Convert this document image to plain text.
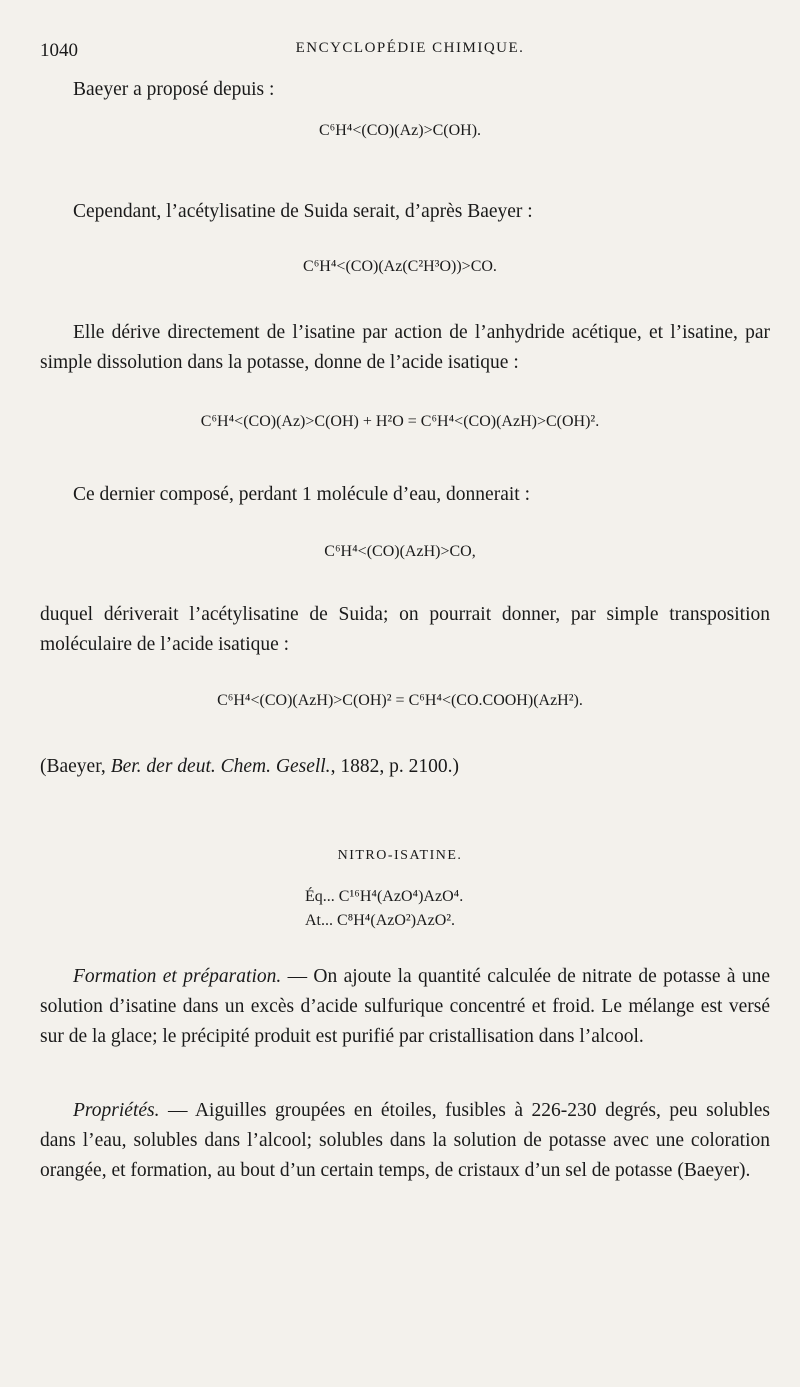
1040	ENCYCLOPÉDIE CHIMIQUE.
Baeyer a proposé depuis :
C⁶H⁴<(CO)(Az)>C(OH).
Cependant, l’acétylisatine de Suida serait, d’après Baeyer :
C⁶H⁴<(CO)(Az(C²H³O))>CO.
Elle dérive directement de l’isatine par action de l’anhydride acétique, et l’isatine, par simple dissolution dans la potasse, donne de l’acide isatique :
C⁶H⁴<(CO)(Az)>C(OH) + H²O = C⁶H⁴<(CO)(AzH)>C(OH)².
Ce dernier composé, perdant 1 molécule d’eau, donnerait :
C⁶H⁴<(CO)(AzH)>CO,
duquel dériverait l’acétylisatine de Suida; on pourrait donner, par simple transposition moléculaire de l’acide isatique :
C⁶H⁴<(CO)(AzH)>C(OH)² = C⁶H⁴<(CO.COOH)(AzH²).
(Baeyer, Ber. der deut. Chem. Gesell., 1882, p. 2100.)
NITRO-ISATINE.
Éq... C¹⁶H⁴(AzO⁴)AzO⁴.
At... C⁸H⁴(AzO²)AzO².
Formation et préparation. — On ajoute la quantité calculée de nitrate de potasse à une solution d’isatine dans un excès d’acide sulfurique concentré et froid. Le mélange est versé sur de la glace; le précipité produit est purifié par cristallisation dans l’alcool.
Propriétés. — Aiguilles groupées en étoiles, fusibles à 226-230 degrés, peu solubles dans l’eau, solubles dans l’alcool; solubles dans la solution de potasse avec une coloration orangée, et formation, au bout d’un certain temps, de cristaux d’un sel de potasse (Baeyer).
